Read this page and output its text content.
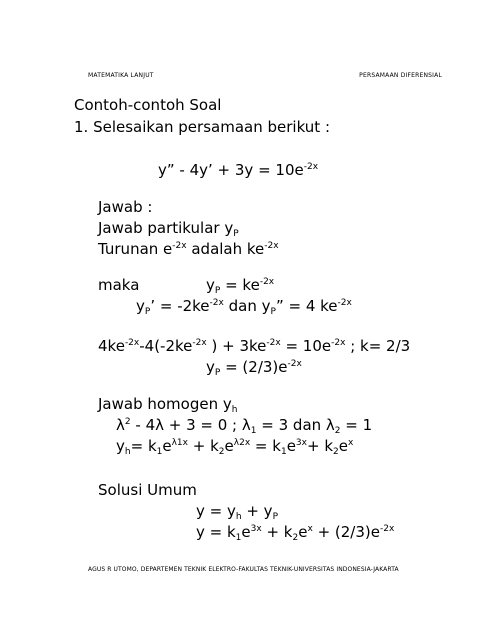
MATEMATIKA LANJUT	PERSAMAAN DIFERENSIAL
Contoh-contoh Soal
1. Selesaikan persamaan berikut :
y” - 4y’ + $3y = 10e^{-2x}$
Jawab :
Jawab partikular $y_P$
Turunan $e^{-2x}$ adalah $ke^{-2x}$
maka	$y_P = ke^{-2x}$
$y_P$’ = $-2ke^{-2x}$ dan $y_P$” = 4 $ke^{-2x}$
$4ke^{-2x}-4(-2ke^{-2x}$ ) + $3ke^{-2x} = 10e^{-2x}$ ; k= 2/3
$y_P = (2/3)e^{-2x}$
Jawab homogen $y_h$
$\lambda^2 - 4\lambda + 3 = 0$ ; $\lambda_1 = 3$ dan $\lambda_2 = 1$
$y_h= k_1e^{\lambda 1x} + k_2e^{\lambda 2x} = k_1e^{3x}+ k_2e^x$
Solusi Umum
$y = y_h + y_P$
$y = k_1e^{3x} + k_2e^x + (2/3)e^{-2x}$
AGUS R UTOMO, DEPARTEMEN TEKNIK ELEKTRO-FAKULTAS TEKNIK-UNIVERSITAS INDONESIA-JAKARTA
